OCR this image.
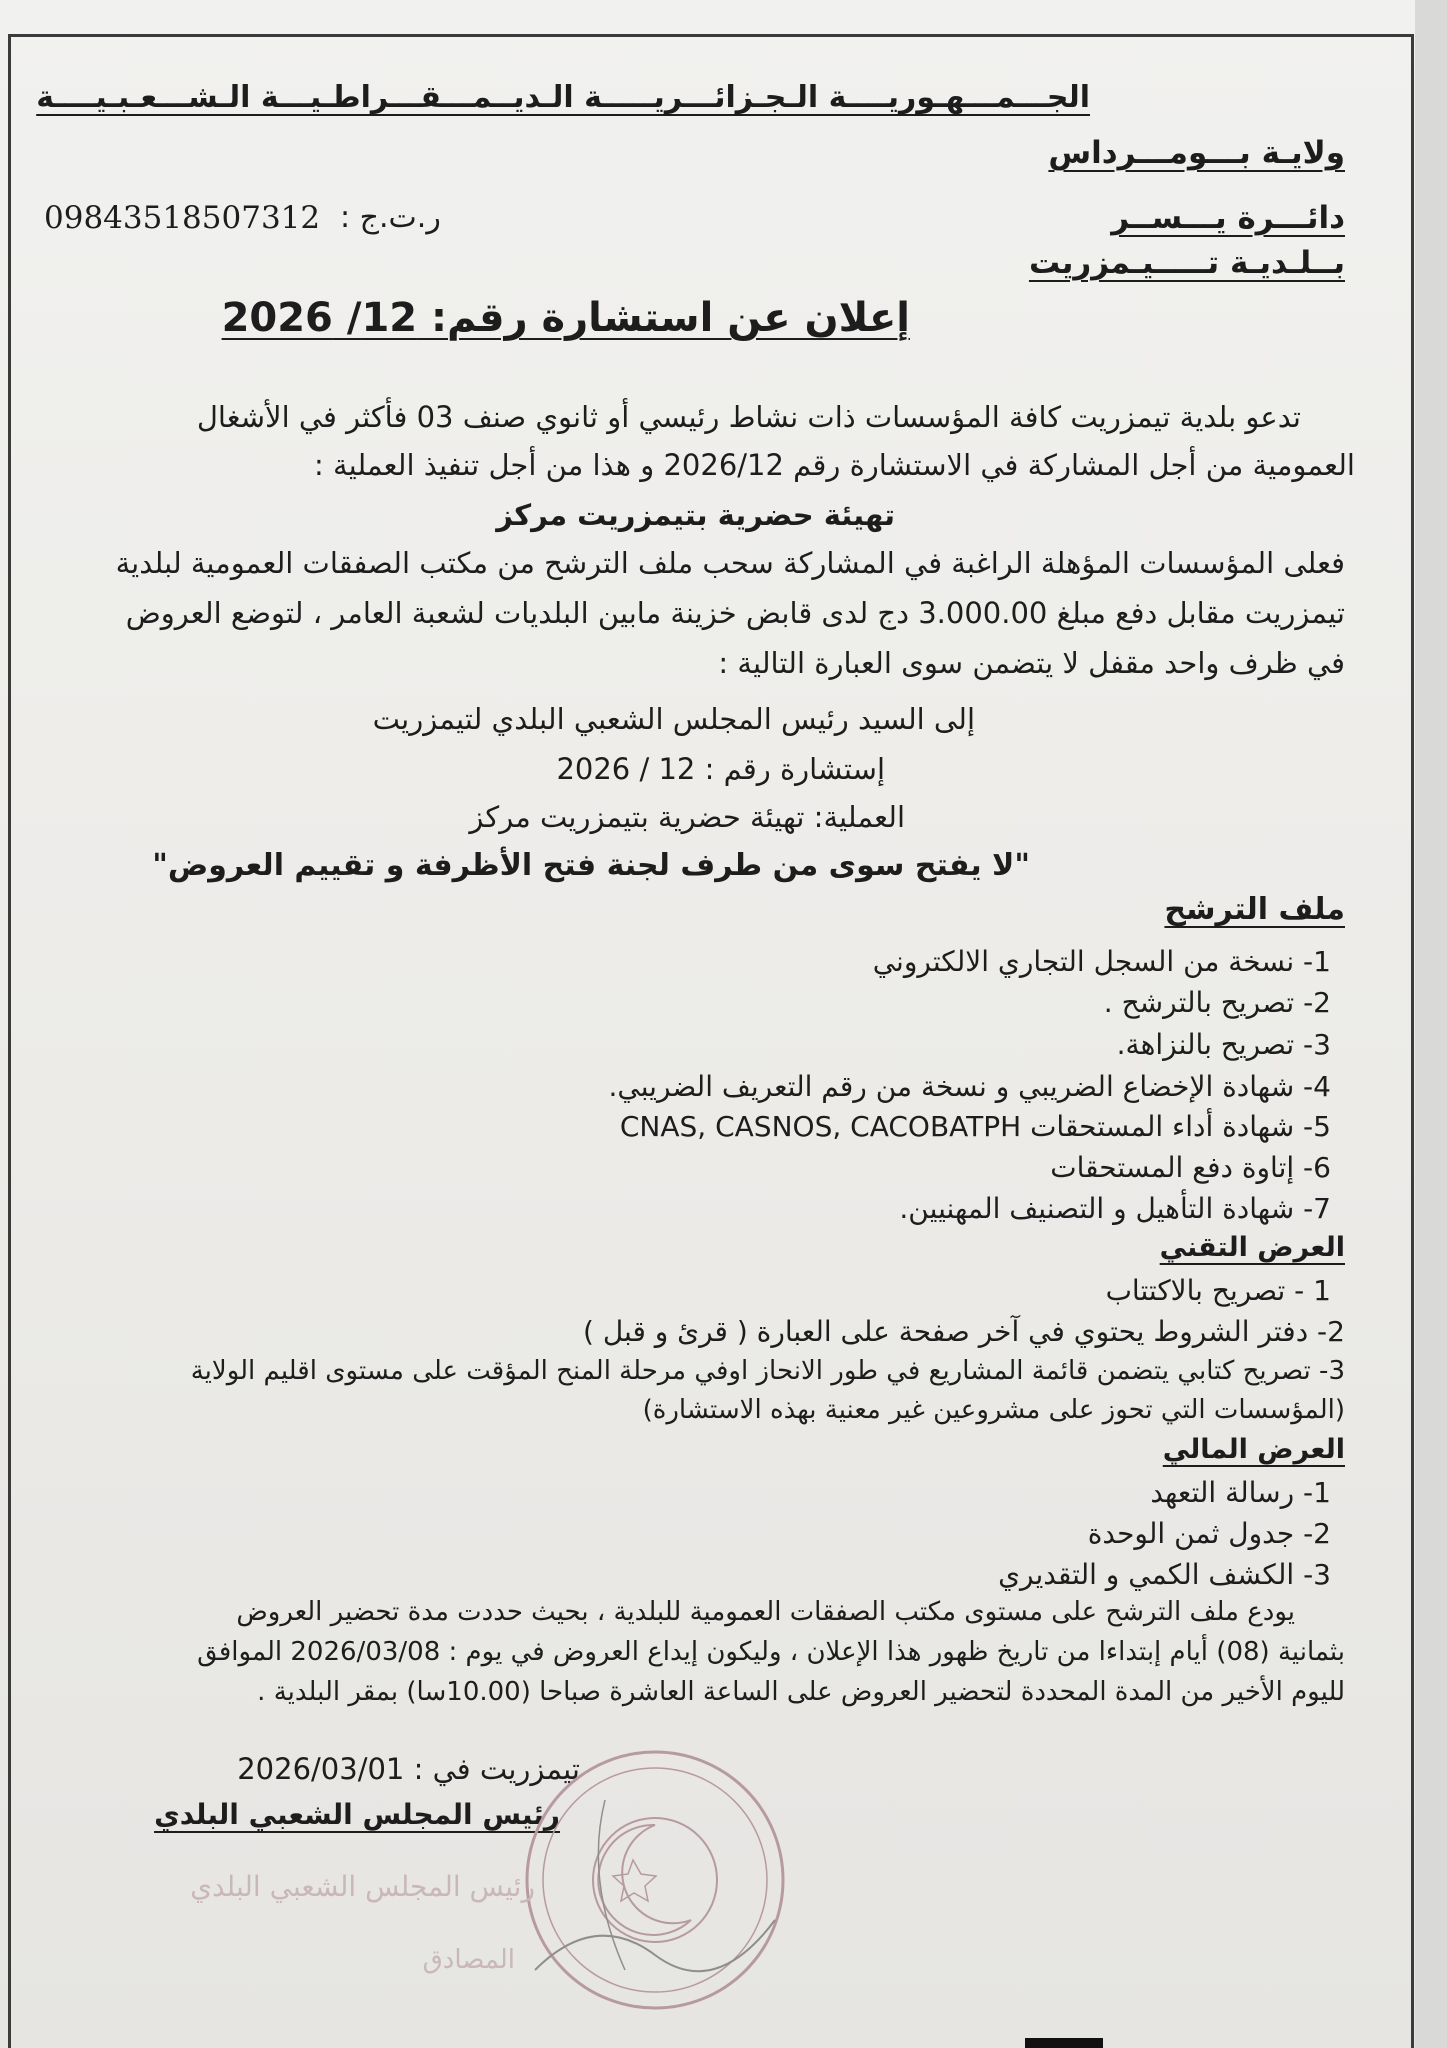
الجـــمـــهـوريــــة الـجـزائـــريـــــة الـديــمـــقـــراطـيـــة الـشـــعـبـيــــة
ولايـة بـــومـــرداس
دائـــرة يـــســر
بــلـديـة تـــــيـمزريت
ر.ت.ج :
09843518507312
إعلان عن استشارة رقم: 12/ 2026
تدعو بلدية تيمزريت كافة المؤسسات ذات نشاط رئيسي أو ثانوي صنف 03 فأكثر في الأشغال
العمومية من أجل المشاركة في الاستشارة رقم 2026/12 و هذا من أجل تنفيذ العملية :
تهيئة حضرية بتيمزريت مركز
فعلى المؤسسات المؤهلة الراغبة في المشاركة سحب ملف الترشح من مكتب الصفقات العمومية لبلدية
تيمزريت مقابل دفع مبلغ 3.000.00 دج لدى قابض خزينة مابين البلديات لشعبة العامر ، لتوضع العروض
في ظرف واحد مقفل لا يتضمن سوى العبارة التالية :
إلى السيد رئيس المجلس الشعبي البلدي لتيمزريت
إستشارة رقم : 12 / 2026
العملية: تهيئة حضرية بتيمزريت مركز
"لا يفتح سوى من طرف لجنة فتح الأظرفة و تقييم العروض"
ملف الترشح
1- نسخة من السجل التجاري الالكتروني
2- تصريح بالترشح .
3- تصريح بالنزاهة.
4- شهادة الإخضاع الضريبي و نسخة من رقم التعريف الضريبي.
5- شهادة أداء المستحقات CNAS, CASNOS, CACOBATPH
6- إتاوة دفع المستحقات
7- شهادة التأهيل و التصنيف المهنيين.
العرض التقني
1 - تصريح بالاكتتاب
2- دفتر الشروط يحتوي في آخر صفحة على العبارة ( قرئ و قبل )
3- تصريح كتابي يتضمن قائمة المشاريع في طور الانحاز اوفي مرحلة المنح المؤقت على مستوى اقليم الولاية
(المؤسسات التي تحوز على مشروعين غير معنية بهذه الاستشارة)
العرض المالي
1- رسالة التعهد
2- جدول ثمن الوحدة
3- الكشف الكمي و التقديري
يودع ملف الترشح على مستوى مكتب الصفقات العمومية للبلدية ، بحيث حددت مدة تحضير العروض
بثمانية (08) أيام إبتداءا من تاريخ ظهور هذا الإعلان ، وليكون إيداع العروض في يوم : 2026/03/08 الموافق
لليوم الأخير من المدة المحددة لتحضير العروض على الساعة العاشرة صباحا (10.00سا) بمقر البلدية .
تيمزريت في : 2026/03/01
رئيس المجلس الشعبي البلدي
رئيس المجلس الشعبي البلدي
المصادق
